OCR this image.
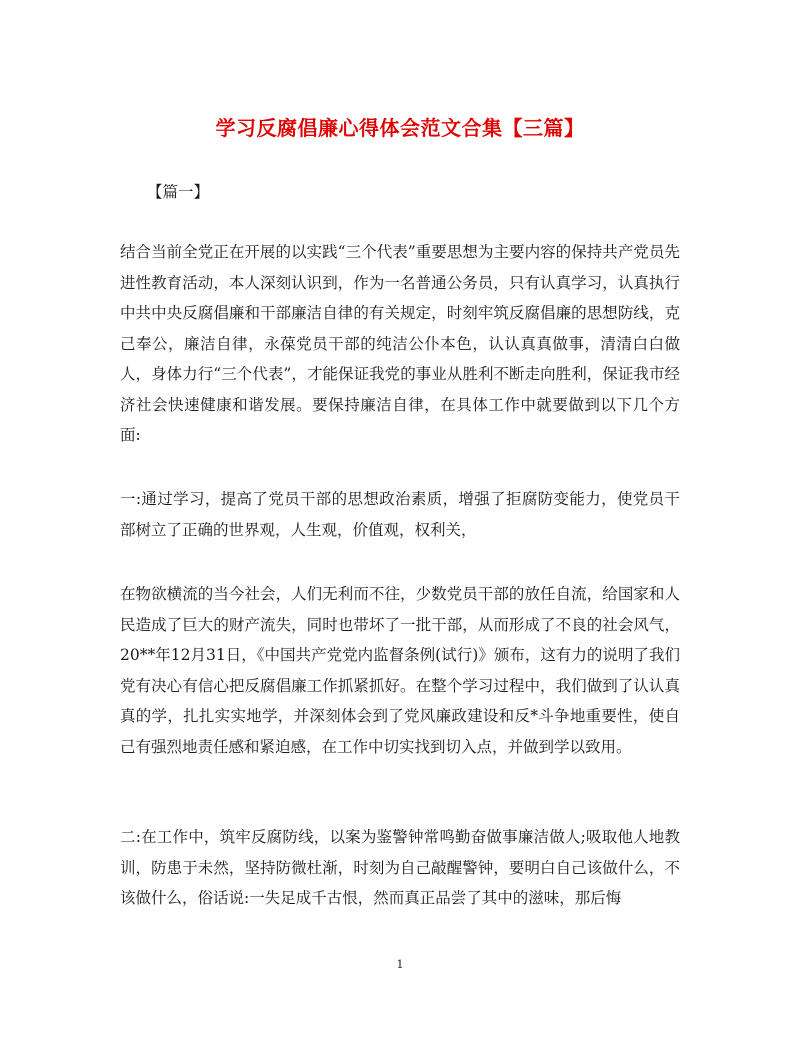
学习反腐倡廉心得体会范文合集【三篇】

【篇一】

结合当前全党正在开展的以实践“三个代表”重要思想为主要内容的保持共产党员先进性教育活动，本人深刻认识到，作为一名普通公务员，只有认真学习，认真执行中共中央反腐倡廉和干部廉洁自律的有关规定，时刻牢筑反腐倡廉的思想防线，克己奉公，廉洁自律，永葆党员干部的纯洁公仆本色，认认真真做事，清清白白做人，身体力行“三个代表”，才能保证我党的事业从胜利不断走向胜利，保证我市经济社会快速健康和谐发展。要保持廉洁自律，在具体工作中就要做到以下几个方面:

一:通过学习，提高了党员干部的思想政治素质，增强了拒腐防变能力，使党员干部树立了正确的世界观，人生观，价值观，权利关，

在物欲横流的当今社会，人们无利而不往，少数党员干部的放任自流，给国家和人民造成了巨大的财产流失，同时也带坏了一批干部，从而形成了不良的社会风气，20**年12月31日，《中国共产党党内监督条例(试行)》颁布，这有力的说明了我们党有决心有信心把反腐倡廉工作抓紧抓好。在整个学习过程中，我们做到了认认真真的学，扎扎实实地学，并深刻体会到了党风廉政建设和反*斗争地重要性，使自己有强烈地责任感和紧迫感，在工作中切实找到切入点，并做到学以致用。

二:在工作中，筑牢反腐防线，以案为鉴警钟常鸣勤奋做事廉洁做人;吸取他人地教训，防患于未然，坚持防微杜渐，时刻为自己敲醒警钟，要明白自己该做什么，不该做什么，俗话说:一失足成千古恨，然而真正品尝了其中的滋味，那后悔

1
